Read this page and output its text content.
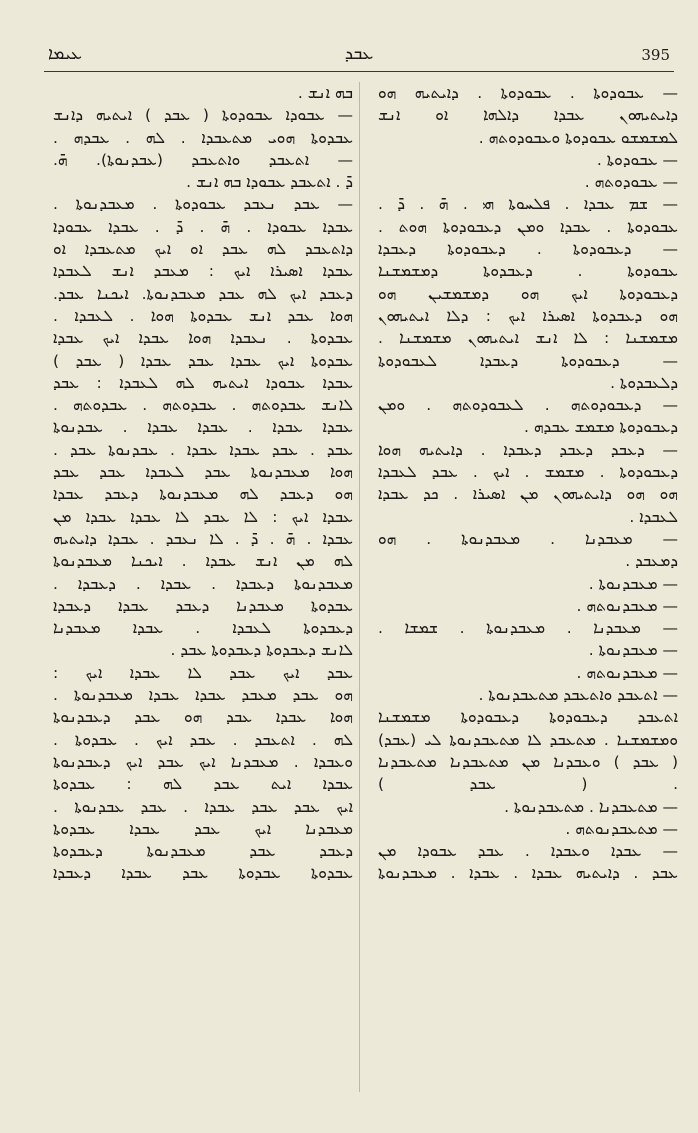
ܥܝܡܐ	ܥܒܕ	395
— ܥܒܘܕܘܬܐ . ܥܒܘܕܘܬܐ . ܕܐܝܬܝܗ ܗܘ
ܕܐܝܬܝܗܘܢ ܥܒܕܐ ܕܐܠܗܐ ܐܘ ܐܢܫ
ܠܡܫܡܫܘ ܥܒܘܕܘܬܐ ܘܥܒܘܕܘܬܗ .
— ܥܒܘܕܘܬܐ .
— ܥܒܘܕܘܬܗ .
— ܫܡ ܥܒܕܐ . ܦܠܚܘܬܐ ܗܝ . ܗ̄ . ܕ̄ .
ܥܒܘܕܘܬܐ . ܥܒܕܐ ܘܡܢ ܕܥܒܘܕܘܬܐ ܗܘܬ .
— ܕܥܒܘܕܘܬܐ . ܕܥܒܘܕܘܬܐ ܕܥܒܕܐ
ܥܒܘܕܘܬܐ . ܕܥܒܕܘܬܐ ܕܡܫܡܫܢܐ
ܕܥܒܘܕܘܬܐ ܐܝܟ ܗܘ ܕܡܫܡܫܝܢ ܗܘ
ܗܘ ܕܥܒܕܘܬܐ ܐܣܝܪܐ ܐܝܟ : ܕܠܐ ܐܝܬܝܗܘܢ
ܡܫܡܫܢܐ : ܠܐ ܐܢܫ ܐܝܬܝܗܘܢ ܡܫܡܫܢܐ .
— ܕܥܒܘܕܘܬܐ ܕܥܒܕܐ ܠܥܒܘܕܘܬܐ
ܕܠܥܒܕܘܬܐ .
— ܕܥܒܘܕܘܬܗ . ܠܥܒܘܕܘܬܗ . ܘܡܢ
ܕܥܒܘܕܘܬܐ ܡܫܡܫ ܥܒܕܗ .
— ܕܥܒܕ ܕܥܒܕ ܕܥܒܕܐ . ܕܐܝܬܝܗ ܗܘܐ
ܕܥܒܘܕܘܬܐ . ܡܫܡܫ . ܐܝܟ . ܥܒܕ ܠܥܒܕܐ
ܗܘ ܗܘ ܕܐܝܬܝܗܘܢ ܡܢ ܐܣܝܪܐ . ܟܕ ܥܒܕܐ
ܠܥܒܕܐ .
— ܡܥܒܕܢܐ . ܡܥܒܕܢܘܬܐ . ܗܘ
ܕܡܥܒܕ .
— ܡܥܒܕܢܘܬܐ .
— ܡܥܒܕܢܘܬܗ .
— ܡܥܒܕܢܐ . ܡܥܒܕܢܘܬܐ . ܫܡܫܐ .
— ܡܥܒܕܢܘܬܐ .
— ܡܥܒܕܢܘܬܗ .
— ܐܬܥܒܕ ܘܐܬܥܒܕ ܡܬܥܒܕܢܘܬܐ .
ܐܬܥܒܕ ܕܥܒܘܕܘܬܐ ܕܥܒܘܕܘܬܐ ܡܫܡܫܢܐ
ܘܡܫܡܫܢܐ . ܡܬܥܒܕ ܠܐ ܡܬܥܒܕܢܘܬܐ ܠܝ (ܥܒܕ)
( ܥܒܕ ) ܘܥܒܕܢܐ ܡܢ ܡܬܥܒܕܢܐ ܡܬܥܒܕܢܐ
. ( ܥܒܕ )
— ܡܬܥܒܕܢܐ . ܡܬܥܒܕܢܘܬܐ .
— ܡܬܥܒܕܢܘܬܗ .
— ܥܒܕܐ ܘܥܒܕܐ . ܥܒܕ ܥܒܘܕܐ ܡܢ
ܥܒܕ . ܕܐܝܬܝܗ ܥܒܕܐ . ܥܒܕܐ . ܡܥܒܕܢܘܬܐ
ܒܗ ܐܢܫ .
— ܥܒܘܕܐ ܥܒܘܕܘܬܐ ( ܥܒܕ ) ܐܝܬܝܗ ܕܐܢܫ
ܥܒܕܘܬܐ ܗܘܝ ܡܬܥܒܕܐ . ܠܗ . ܥܒܕܗ .
— ܐܬܥܒܕ ܘܐܬܥܒܕ (ܥܒܕܢܘܬܐ). ܗ̄.
ܕ̄ . ܐܬܥܒܕ ܥܒܘܕܐ ܒܗ ܐܢܫ .
— ܥܒܕ ܢܥܒܕ ܥܒܘܕܘܬܐ . ܡܥܒܕܢܘܬܐ .
ܥܒܕܐ ܥܒܘܕܐ . ܗ̄ . ܕ̄ . ܥܒܕܐ ܥܒܘܕܐ
ܕܐܬܥܒܕ ܠܗ ܥܒܕ ܐܘ ܐܝܟ ܡܬܥܒܕܐ ܐܘ
ܥܒܕܐ ܐܣܝܪܐ ܐܝܟ : ܡܥܒܕ ܐܢܫ ܠܥܒܕܐ
ܕܥܒܕ ܐܝܟ ܠܗ ܥܒܕ ܡܥܒܕܢܘܬܐ. ܐܝܟܢܐ ܥܒܕ.
ܗܘܐ ܥܒܕ ܐܢܫ ܥܒܕܘܬܐ ܗܘܐ . ܠܥܒܕܐ .
ܥܒܕܘܬܐ . ܢܥܒܕܐ ܗܘܐ ܥܒܕܐ ܐܝܟ ܥܒܕܐ
ܥܒܕܘܬܐ ܐܝܟ ܥܒܕܐ ܥܒܕ ܥܒܕܐ ( ܥܒܕ )
ܥܒܕܐ ܥܒܘܕܐ ܐܝܬܝܗ ܠܗ ܠܥܒܕܐ : ܥܒܕ
ܠܐܢܫ ܥܒܕܘܬܗ . ܥܒܕܘܬܗ . ܥܒܕܘܬܗ .
ܥܒܕܐ ܥܒܕܐ . ܥܒܕܐ ܥܒܕܐ . ܥܒܕܢܘܬܐ
ܥܒܕ . ܥܒܕ ܥܒܕܐ ܥܒܕܐ . ܥܒܕܢܘܬܐ ܥܒܕ .
ܗܘܐ ܡܥܒܕܢܘܬܐ ܥܒܕ ܠܥܒܕܐ ܥܒܕ ܥܒܕ
ܗܘ ܕܥܒܕ ܠܗ ܡܥܒܕܢܘܬܐ ܕܥܒܕ ܥܒܕܐ
ܥܒܕܐ ܐܝܟ : ܠܐ ܥܒܕ ܠܐ ܥܒܕܐ ܥܒܕܐ ܡܢ
ܥܒܕܐ . ܗ̄ . ܕ̄ . ܠܐ ܢܥܒܕ . ܥܒܕܐ ܕܐܝܬܝܗ
ܠܗ ܡܢ ܐܢܫ ܥܒܕܐ . ܐܝܟܢܐ ܡܥܒܕܢܘܬܐ
ܡܥܒܕܢܘܬܐ ܕܥܒܕܐ . ܥܒܕܐ . ܕܥܒܕܐ .
ܥܒܕܘܬܐ ܡܥܒܕܢܐ ܕܥܒܕ ܥܒܕܐ ܕܥܒܕܐ
ܕܥܒܕܘܬܐ ܠܥܒܕܐ . ܥܒܕܐ ܡܥܒܕܢܐ
ܠܐܢܫ ܕܥܒܕܘܬܐ ܕܥܒܕܘܬܐ ܥܒܕ .
ܥܒܕ ܐܝܟ ܥܒܕ ܠܐ ܥܒܕܐ ܐܝܟ :
ܗܘ ܥܒܕ ܡܥܒܕ ܥܒܕܐ ܥܒܕܐ ܡܥܒܕܢܘܬܐ .
ܗܘܐ ܥܒܕܐ ܥܒܕ ܗܘ ܥܒܕ ܕܥܒܕܢܘܬܐ
ܠܗ . ܐܬܥܒܕ . ܥܒܕ ܐܝܟ . ܥܒܕܘܬܐ .
ܘܥܒܕܐ . ܡܥܒܕܢܐ ܐܝܟ ܥܒܕ ܐܝܟ ܕܥܒܕܢܘܬܐ
ܥܒܕܐ ܐܝܬ ܥܒܕ ܠܗ : ܥܒܕܘܬܐ
ܐܝܟ ܥܒܕ ܥܒܕ ܥܒܕܐ . ܥܒܕ ܥܒܕܢܘܬܐ .
ܡܥܒܕܢܐ ܐܝܟ ܥܒܕ ܥܒܕܐ ܥܒܕܘܬܐ
ܕܥܒܕ ܥܒܕ ܡܥܒܕܢܘܬܐ ܕܥܒܕܘܬܐ
ܥܒܕܘܬܐ ܥܒܕܘܬܐ ܥܒܕ ܥܒܕܐ ܕܥܒܕܐ
